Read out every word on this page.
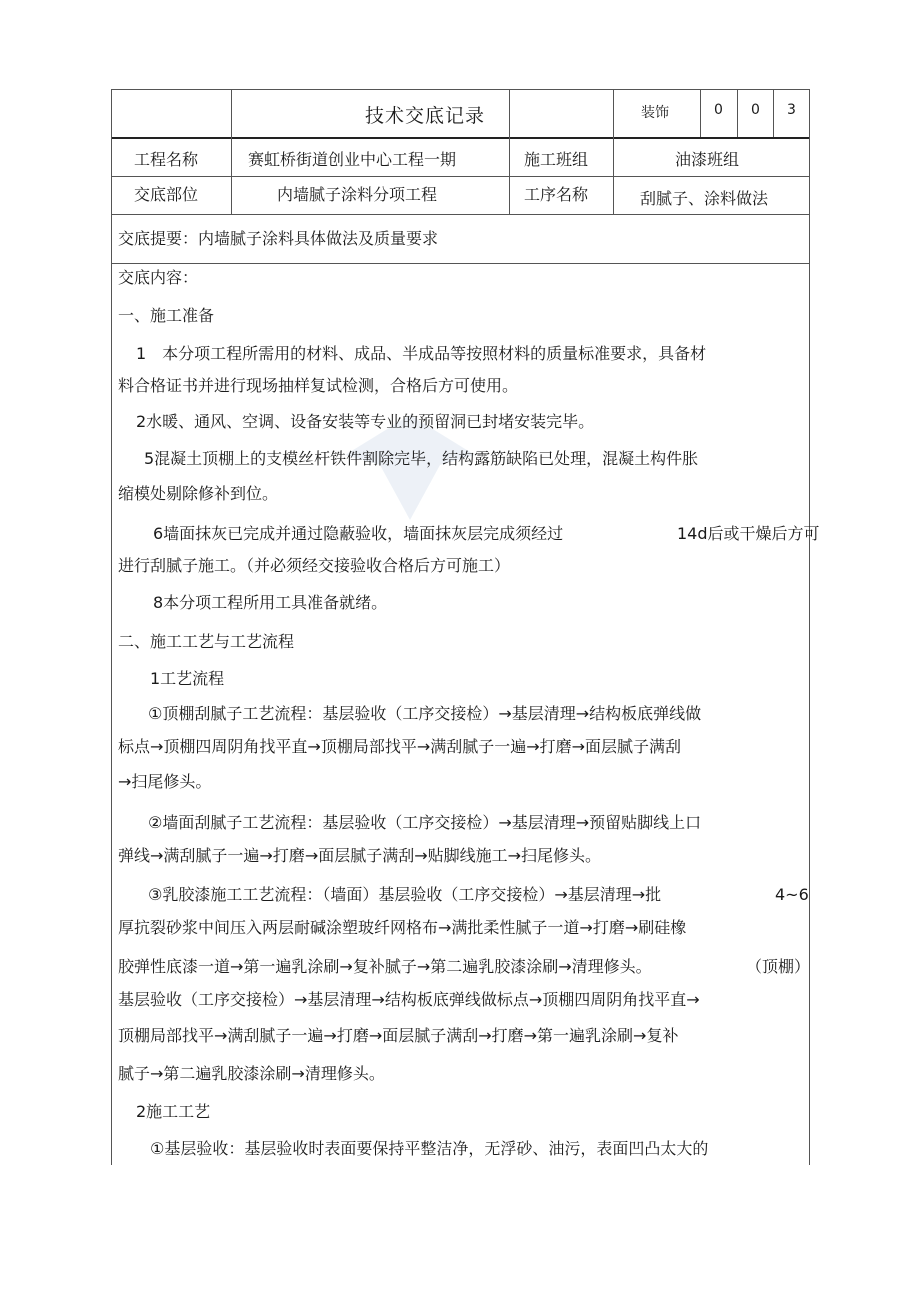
技术交底记录	装饰	0 0 3
工程名称	赛虹桥街道创业中心工程一期	施工班组	油漆班组
交底部位	内墙腻子涂料分项工程	工序名称	刮腻子、涂料做法
交底提要：内墙腻子涂料具体做法及质量要求
交底内容：
一、施工准备
1　本分项工程所需用的材料、成品、半成品等按照材料的质量标准要求，具备材
料合格证书并进行现场抽样复试检测，合格后方可使用。
2水暖、通风、空调、设备安装等专业的预留洞已封堵安装完毕。
5混凝土顶棚上的支模丝杆铁件割除完毕，结构露筋缺陷已处理，混凝土构件胀
缩模处剔除修补到位。
6墙面抹灰已完成并通过隐蔽验收，墙面抹灰层完成须经过	14d后或干燥后方可
进行刮腻子施工。（并必须经交接验收合格后方可施工）
8本分项工程所用工具准备就绪。
二、施工工艺与工艺流程
1工艺流程
①顶棚刮腻子工艺流程：基层验收（工序交接检）→基层清理→结构板底弹线做
标点→顶棚四周阴角找平直→顶棚局部找平→满刮腻子一遍→打磨→面层腻子满刮
→扫尾修头。
②墙面刮腻子工艺流程：基层验收（工序交接检）→基层清理→预留贴脚线上口
弹线→满刮腻子一遍→打磨→面层腻子满刮→贴脚线施工→扫尾修头。
③乳胶漆施工工艺流程：（墙面）基层验收（工序交接检）→基层清理→批	4~6
厚抗裂砂浆中间压入两层耐碱涂塑玻纤网格布→满批柔性腻子一道→打磨→刷硅橡
胶弹性底漆一道→第一遍乳涂刷→复补腻子→第二遍乳胶漆涂刷→清理修头。	（顶棚）
基层验收（工序交接检）→基层清理→结构板底弹线做标点→顶棚四周阴角找平直→
顶棚局部找平→满刮腻子一遍→打磨→面层腻子满刮→打磨→第一遍乳涂刷→复补
腻子→第二遍乳胶漆涂刷→清理修头。
2施工工艺
①基层验收：基层验收时表面要保持平整洁净，无浮砂、油污，表面凹凸太大的
